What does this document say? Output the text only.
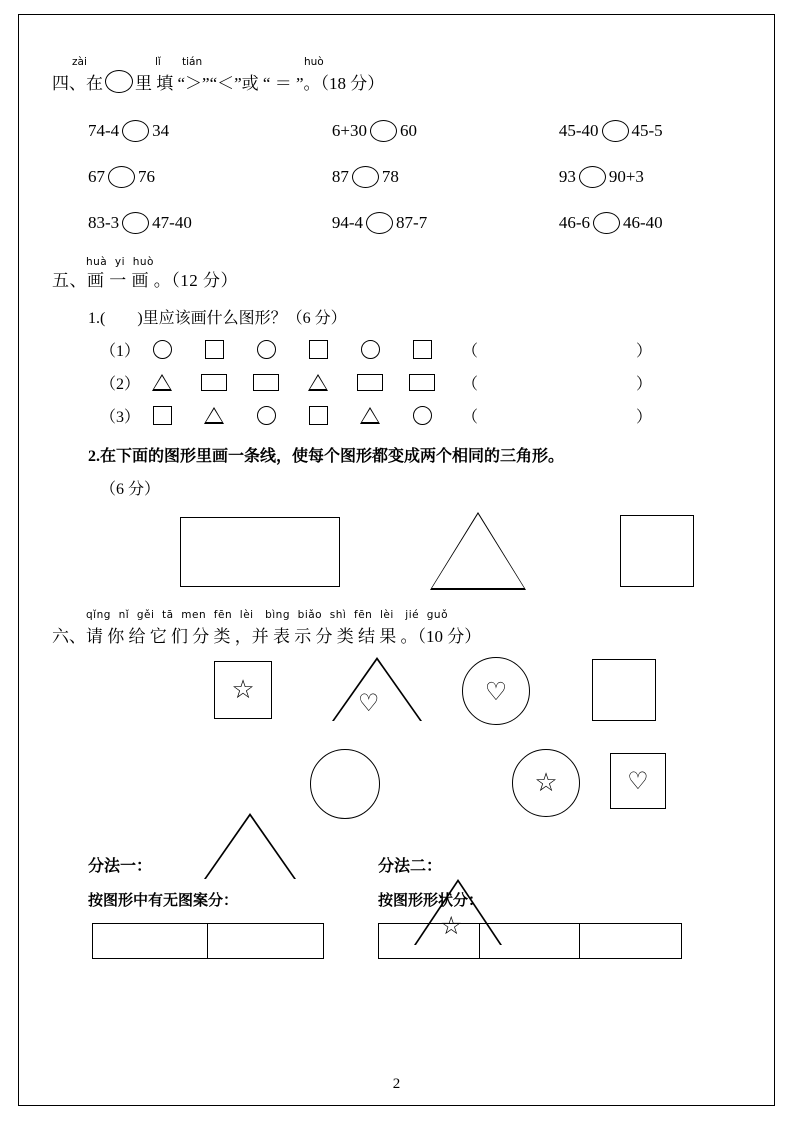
zài	lǐ tián	huò
四、在 里 填 “＞”“＜”或 “ ＝ ”。（18 分）
74-4 34	6+30 60	45-40 45-5
67 76	87 78	93 90+3
83-3 47-40	94-4 87-7	46-6 46-40
huà  yi  huò
五、画 一 画 。（12 分）
1.(        )里应该画什么图形？（6 分）
（1）	（        ）
（2）	（        ）
（3）	（        ）
2.在下面的图形里画一条线，使每个图形都变成两个相同的三角形。
（6 分）
qǐng  nǐ  gěi  tā  men  fēn  lèi   bìng  biǎo  shì  fēn  lèi   jié  guǒ
六、请 你 给 它 们 分 类 ，并 表 示 分 类 结 果 。（10 分）
☆	♡	♡
☆
☆	♡
分法一：	分法二：
按图形中有无图案分：	按图形形状分：
2
